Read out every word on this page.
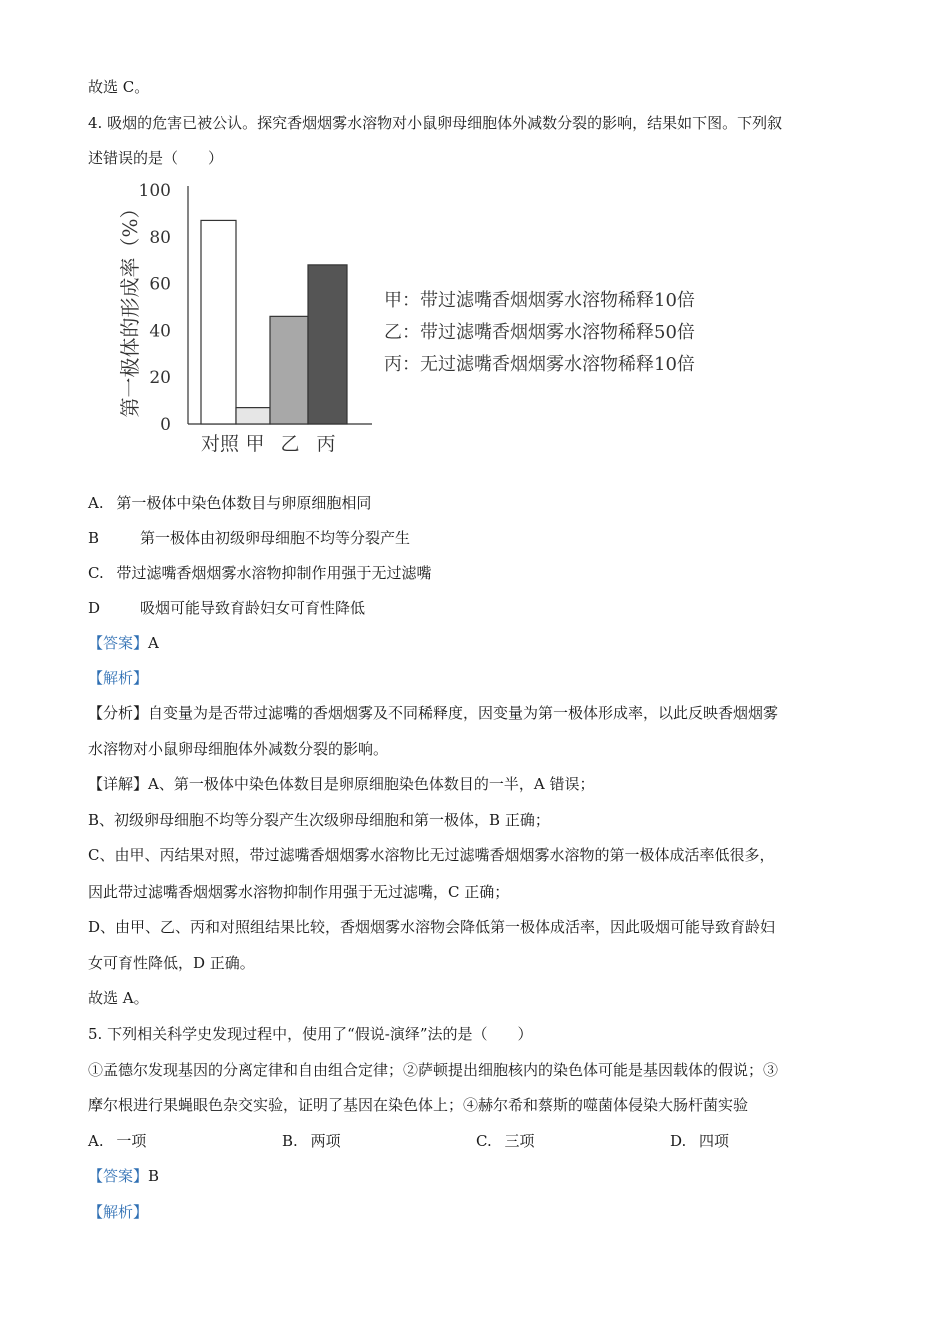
故选 C。
4. 吸烟的危害已被公认。探究香烟烟雾水溶物对小鼠卵母细胞体外减数分裂的影响，结果如下图。下列叙
述错误的是（　　）
第一极体的形成率（%）
0
20
40
60
80
100
对照 甲 乙 丙
甲：带过滤嘴香烟烟雾水溶物稀释10倍
乙：带过滤嘴香烟烟雾水溶物稀释50倍
丙：无过滤嘴香烟烟雾水溶物稀释10倍
A. 第一极体中染色体数目与卵原细胞相同
B	第一极体由初级卵母细胞不均等分裂产生
C. 带过滤嘴香烟烟雾水溶物抑制作用强于无过滤嘴
D	吸烟可能导致育龄妇女可育性降低
【答案】A
【解析】
【分析】自变量为是否带过滤嘴的香烟烟雾及不同稀释度，因变量为第一极体形成率，以此反映香烟烟雾
水溶物对小鼠卵母细胞体外减数分裂的影响。
【详解】A、第一极体中染色体数目是卵原细胞染色体数目的一半，A 错误；
B、初级卵母细胞不均等分裂产生次级卵母细胞和第一极体，B 正确；
C、由甲、丙结果对照，带过滤嘴香烟烟雾水溶物比无过滤嘴香烟烟雾水溶物的第一极体成活率低很多，
因此带过滤嘴香烟烟雾水溶物抑制作用强于无过滤嘴，C 正确；
D、由甲、乙、丙和对照组结果比较，香烟烟雾水溶物会降低第一极体成活率，因此吸烟可能导致育龄妇
女可育性降低，D 正确。
故选 A。
5. 下列相关科学史发现过程中，使用了“假说-演绎”法的是（　　）
①孟德尔发现基因的分离定律和自由组合定律；②萨顿提出细胞核内的染色体可能是基因载体的假说；③
摩尔根进行果蝇眼色杂交实验，证明了基因在染色体上；④赫尔希和蔡斯的噬菌体侵染大肠杆菌实验
A. 一项	B. 两项	C. 三项	D. 四项
【答案】B
【解析】
